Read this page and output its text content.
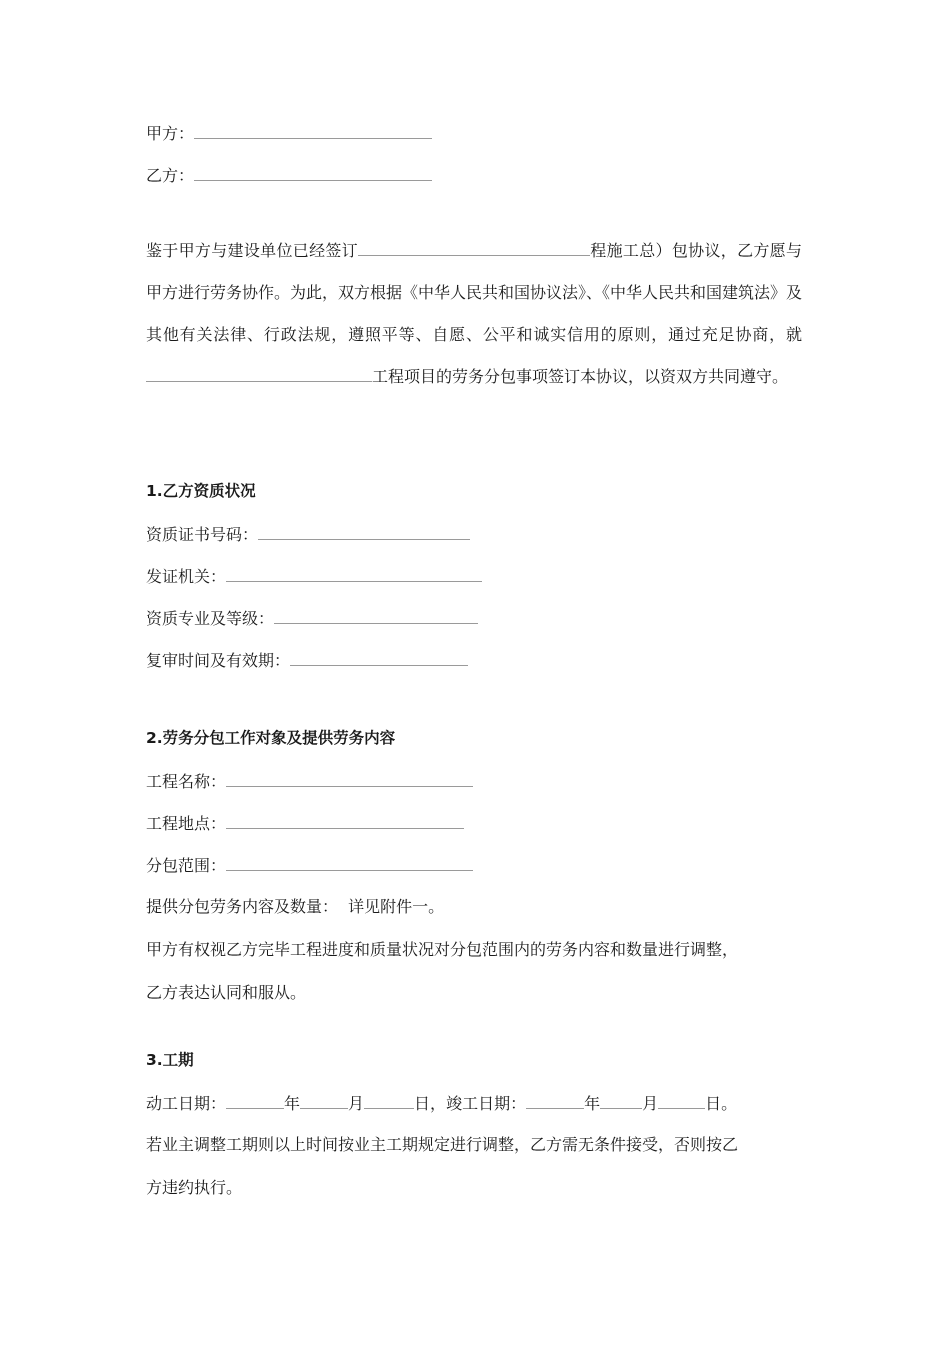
甲方：
乙方：
鉴于甲方与建设单位已经签订	程施工总）包协议，乙方愿与甲方进行劳务协作。为此，双方根据《中华人民共和国协议法》、《中华人民共和国建筑法》及其他有关法律、行政法规，遵照平等、自愿、公平和诚实信用的原则，通过充足协商，就工程项目的劳务分包事项签订本协议，以资双方共同遵守。
1.乙方资质状况
资质证书号码：
发证机关：
资质专业及等级：
复审时间及有效期：
2.劳务分包工作对象及提供劳务内容
工程名称：
工程地点：
分包范围：
提供分包劳务内容及数量：  详见附件一。
甲方有权视乙方完毕工程进度和质量状况对分包范围内的劳务内容和数量进行调整，
乙方表达认同和服从。
3.工期
动工日期：	年	月	日，竣工日期：	年	月	日。
若业主调整工期则以上时间按业主工期规定进行调整，乙方需无条件接受，否则按乙
方违约执行。
